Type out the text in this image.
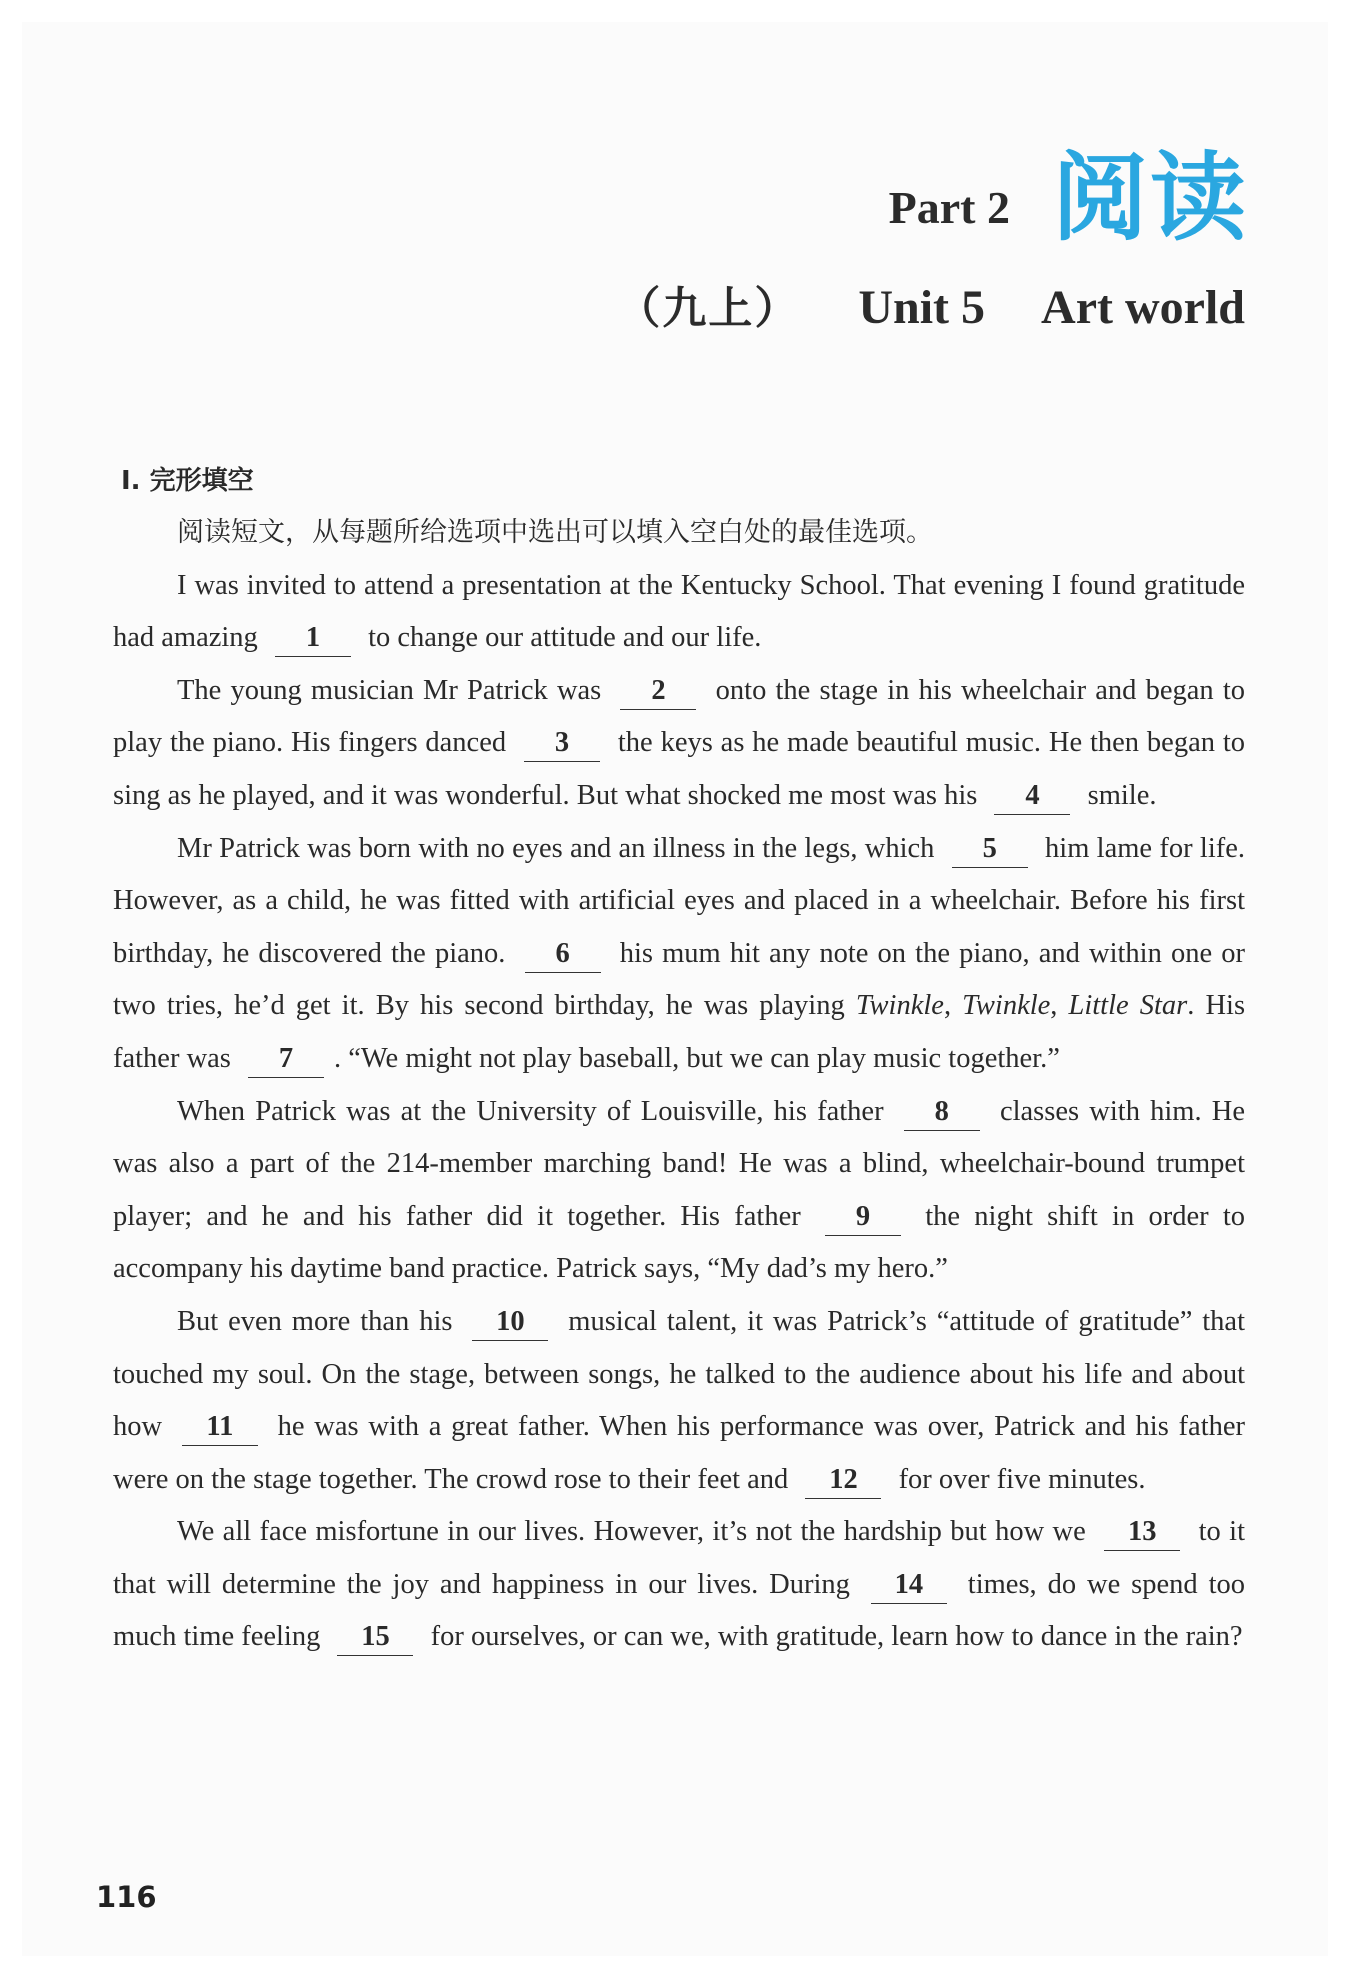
Part 2 阅读
（九上） Unit 5 Art world
Ⅰ. 完形填空

阅读短文，从每题所给选项中选出可以填入空白处的最佳选项。

I was invited to attend a presentation at the Kentucky School. That evening I found gratitude had amazing 1 to change our attitude and our life.

The young musician Mr Patrick was 2 onto the stage in his wheelchair and began to play the piano. His fingers danced 3 the keys as he made beautiful music. He then began to sing as he played, and it was wonderful. But what shocked me most was his 4 smile.

Mr Patrick was born with no eyes and an illness in the legs, which 5 him lame for life. However, as a child, he was fitted with artificial eyes and placed in a wheelchair. Before his first birthday, he discovered the piano. 6 his mum hit any note on the piano, and within one or two tries, he’d get it. By his second birthday, he was playing Twinkle, Twinkle, Little Star. His father was 7 . “We might not play baseball, but we can play music together.”

When Patrick was at the University of Louisville, his father 8 classes with him. He was also a part of the 214-member marching band! He was a blind, wheelchair-bound trumpet player; and he and his father did it together. His father 9 the night shift in order to accompany his daytime band practice. Patrick says, “My dad’s my hero.”

But even more than his 10 musical talent, it was Patrick’s “attitude of gratitude” that touched my soul. On the stage, between songs, he talked to the audience about his life and about how 11 he was with a great father. When his performance was over, Patrick and his father were on the stage together. The crowd rose to their feet and 12 for over five minutes.

We all face misfortune in our lives. However, it’s not the hardship but how we 13 to it that will determine the joy and happiness in our lives. During 14 times, do we spend too much time feeling 15 for ourselves, or can we, with gratitude, learn how to dance in the rain?

116
